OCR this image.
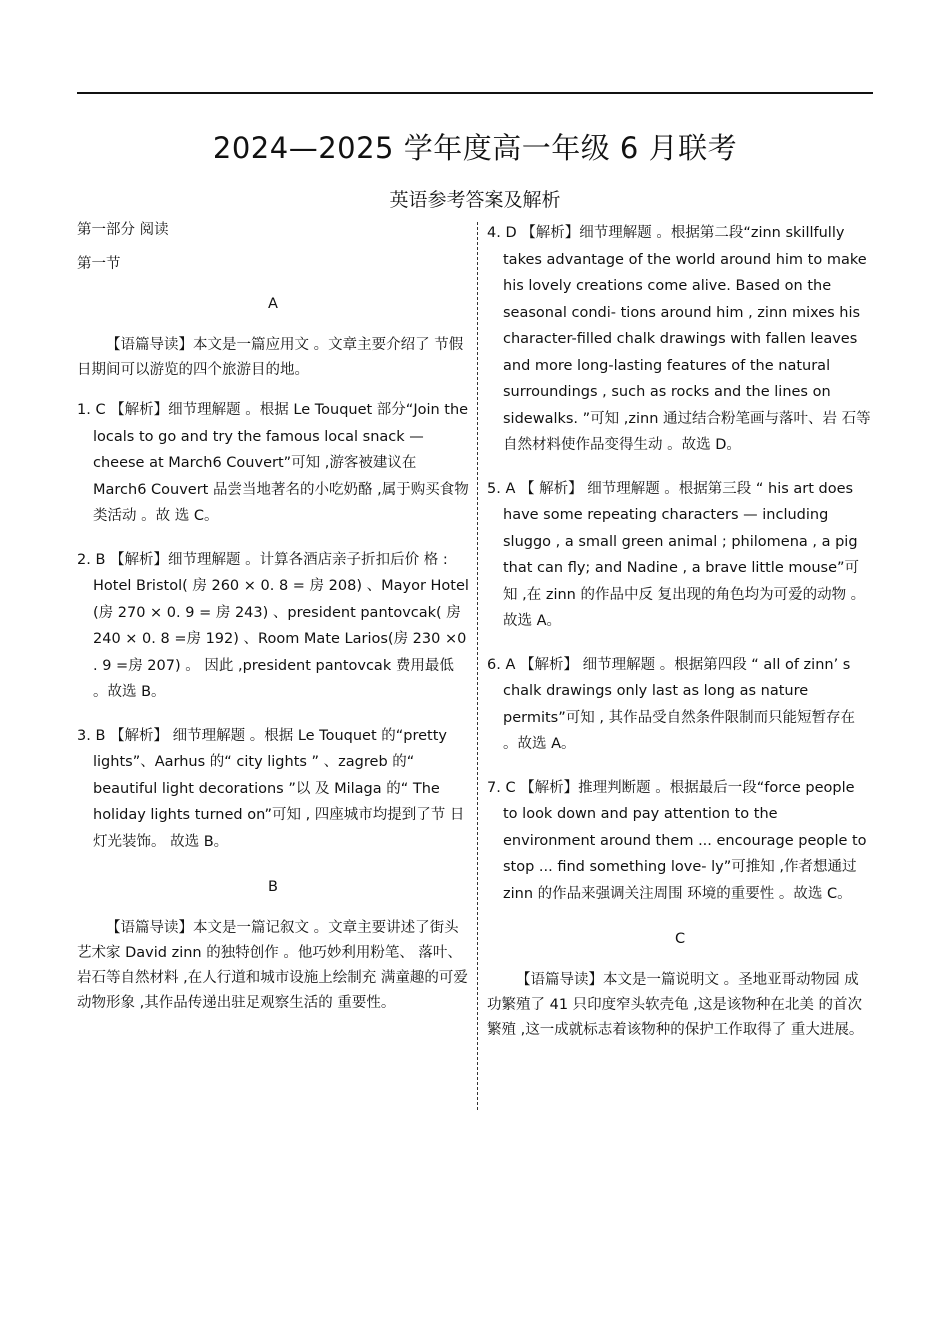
2024—2025 学年度高一年级 6 月联考
英语参考答案及解析

第一部分 阅读

第一节

A

【语篇导读】本文是一篇应用文 。文章主要介绍了 节假日期间可以游览的四个旅游目的地。

1. C 【解析】细节理解题 。根据 Le Touquet 部分“Join the locals to go and try the famous local snack — cheese at March6 Couvert”可知 ,游客被建议在 March6 Couvert 品尝当地著名的小吃奶酪 ,属于购买食物类活动 。故 选 C。

2. B 【解析】细节理解题 。计算各酒店亲子折扣后价 格 : Hotel Bristol( 房 260 × 0. 8 = 房 208) 、Mayor Hotel (房 270 × 0. 9 = 房 243) 、president pantovcak( 房 240 × 0. 8 =房 192) 、Room Mate Larios(房 230 ×0 . 9 =房 207) 。 因此 ,president pantovcak 费用最低 。故选 B。

3. B 【解析】 细节理解题 。根据 Le Touquet 的“pretty lights”、Aarhus 的“ city lights ” 、zagreb 的“ beautiful light decorations ”以 及 Milaga 的“ The holiday lights turned on”可知 , 四座城市均提到了节 日灯光装饰。 故选 B。

B

【语篇导读】本文是一篇记叙文 。文章主要讲述了街头艺术家 David zinn 的独特创作 。他巧妙利用粉笔、 落叶、岩石等自然材料 ,在人行道和城市设施上绘制充 满童趣的可爱动物形象 ,其作品传递出驻足观察生活的 重要性。

4. D 【解析】细节理解题 。根据第二段“zinn skillfully takes advantage of the world around him to make his lovely creations come alive. Based on the seasonal condi- tions around him , zinn mixes his character-filled chalk drawings with fallen leaves and more long-lasting features of the natural surroundings , such as rocks and the lines on sidewalks. ”可知 ,zinn 通过结合粉笔画与落叶、岩 石等自然材料使作品变得生动 。故选 D。

5. A 【 解析】 细节理解题 。根据第三段 “ his art does have some repeating characters — including sluggo , a small green animal ; philomena , a pig that can fly; and Nadine , a brave little mouse”可知 ,在 zinn 的作品中反 复出现的角色均为可爱的动物 。故选 A。

6. A 【解析】 细节理解题 。根据第四段 “ all of zinn’ s chalk drawings only last as long as nature permits”可知 , 其作品受自然条件限制而只能短暂存在 。故选 A。

7. C 【解析】推理判断题 。根据最后一段“force people to look down and pay attention to the environment around them ... encourage people to stop ... find something love- ly”可推知 ,作者想通过 zinn 的作品来强调关注周围 环境的重要性 。故选 C。

C

【语篇导读】本文是一篇说明文 。圣地亚哥动物园 成功繁殖了 41 只印度窄头软壳龟 ,这是该物种在北美 的首次繁殖 ,这一成就标志着该物种的保护工作取得了 重大进展。
